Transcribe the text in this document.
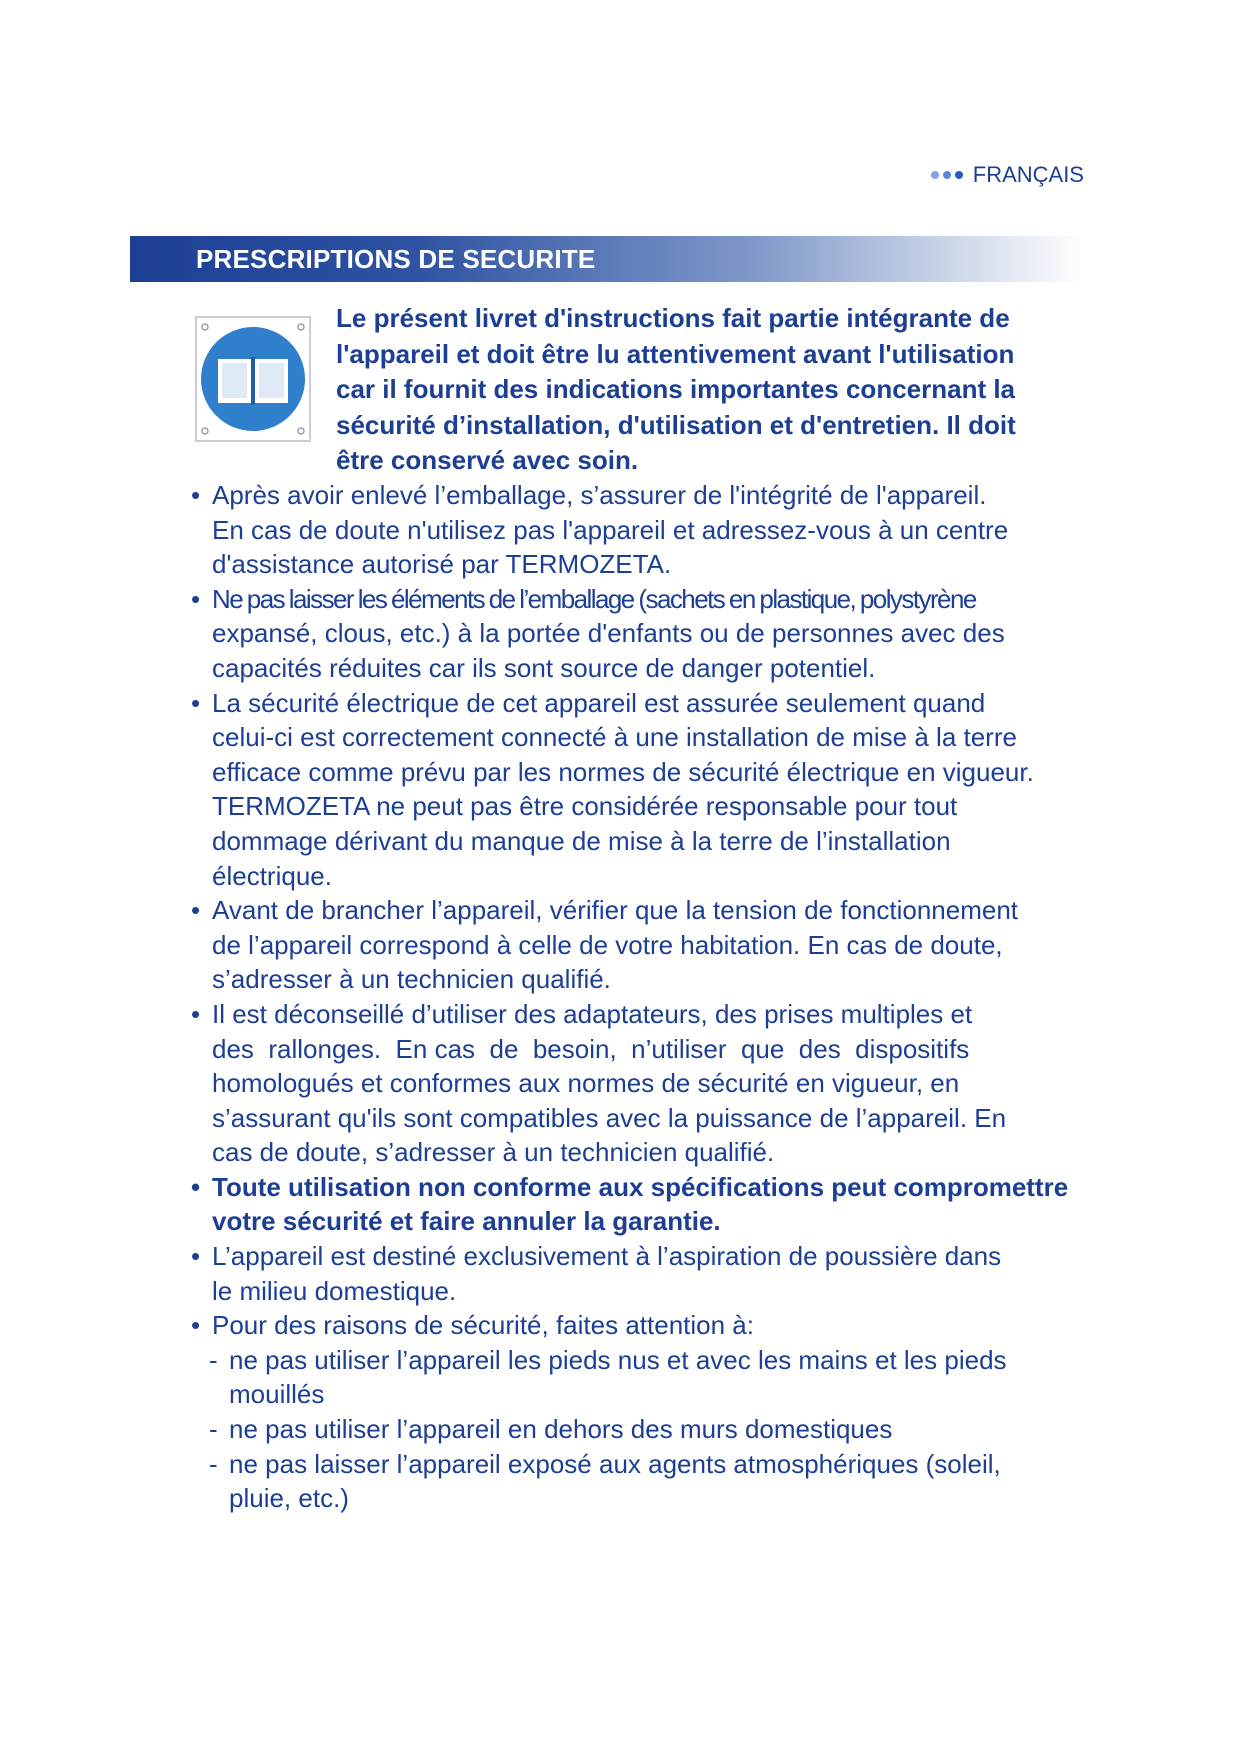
FRANÇAIS
PRESCRIPTIONS DE SECURITE
Le présent livret d'instructions fait partie intégrante de
l'appareil et doit être lu attentivement avant l'utilisation
car il fournit des indications importantes concernant la
sécurité d’installation, d'utilisation et d'entretien. Il doit
être conservé avec soin.
• Après avoir enlevé l’emballage, s’assurer de l'intégrité de l'appareil.
En cas de doute n'utilisez pas l'appareil et adressez-vous à un centre
d'assistance autorisé par TERMOZETA.
• Ne pas laisser les éléments de l’emballage (sachets en plastique, polystyrène
expansé, clous, etc.) à la portée d'enfants ou de personnes avec des
capacités réduites car ils sont source de danger potentiel.
• La sécurité électrique de cet appareil est assurée seulement quand
celui-ci est correctement connecté à une installation de mise à la terre
efficace comme prévu par les normes de sécurité électrique en vigueur.
TERMOZETA ne peut pas être considérée responsable pour tout
dommage dérivant du manque de mise à la terre de l’installation
électrique.
• Avant de brancher l’appareil, vérifier que la tension de fonctionnement
de l’appareil correspond à celle de votre habitation. En cas de doute,
s’adresser à un technicien qualifié.
• Il est déconseillé d’utiliser des adaptateurs, des prises multiples et
des  rallonges.  En cas  de  besoin,  n’utiliser  que  des  dispositifs
homologués et conformes aux normes de sécurité en vigueur, en
s’assurant qu'ils sont compatibles avec la puissance de l’appareil. En
cas de doute, s’adresser à un technicien qualifié.
• Toute utilisation non conforme aux spécifications peut compromettre
votre sécurité et faire annuler la garantie.
• L’appareil est destiné exclusivement à l’aspiration de poussière dans
le milieu domestique.
• Pour des raisons de sécurité, faites attention à:
- ne pas utiliser l’appareil les pieds nus et avec les mains et les pieds
mouillés
- ne pas utiliser l’appareil en dehors des murs domestiques
- ne pas laisser l’appareil exposé aux agents atmosphériques (soleil,
pluie, etc.)
